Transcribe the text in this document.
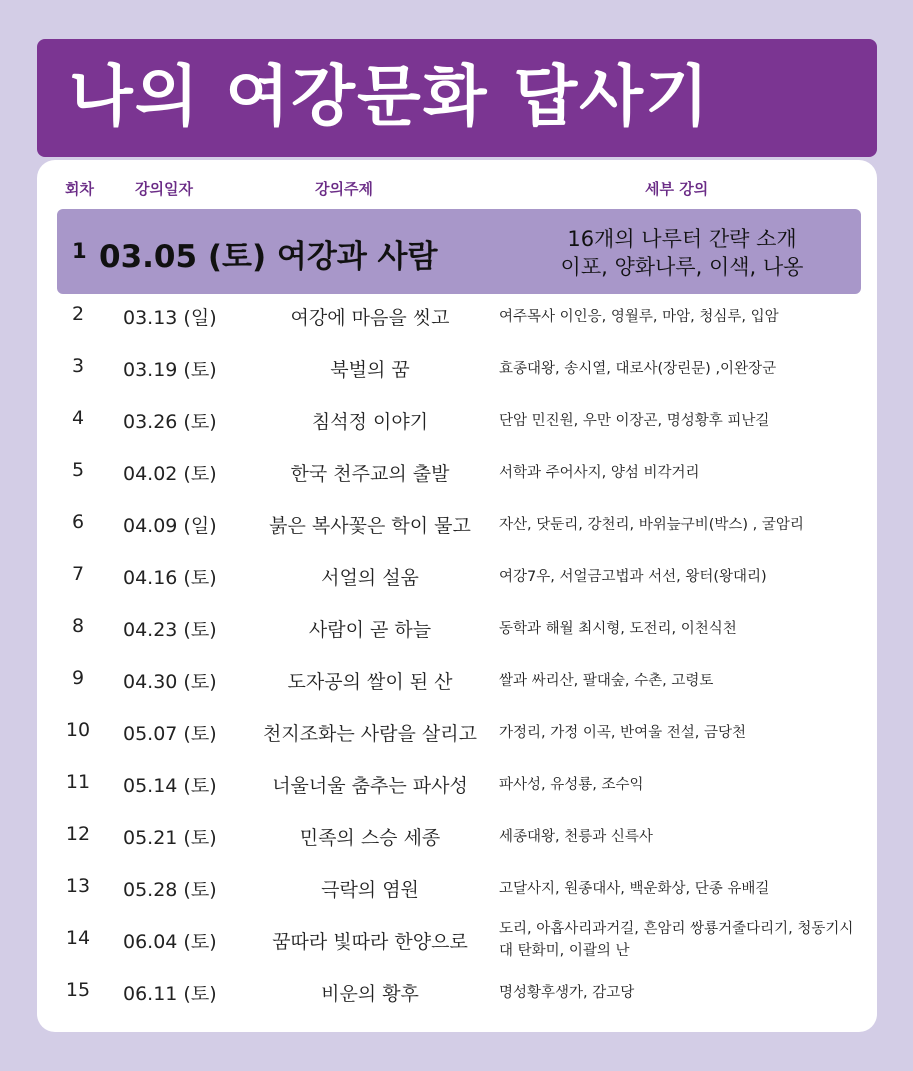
나의 여강문화 답사기
회차	강의일자	강의주제	세부 강의
1 03.05 (토) 여강과 사람	16개의 나루터 간략 소개
이포, 양화나루, 이색, 나옹
2	03.13 (일)	여강에 마음을 씻고	여주목사 이인응, 영월루, 마암, 청심루, 입암
3	03.19 (토)	북벌의 꿈	효종대왕, 송시열, 대로사(장린문) ,이완장군
4	03.26 (토)	침석정 이야기	단암 민진원, 우만 이장곤, 명성황후 피난길
5	04.02 (토)	한국 천주교의 출발	서학과 주어사지, 양섬 비각거리
6	04.09 (일)	붉은 복사꽃은 학이 물고	자산, 닷둔리, 강천리, 바위늪구비(박스) , 굴암리
7	04.16 (토)	서얼의 설움	여강7우, 서얼금고법과 서선, 왕터(왕대리)
8	04.23 (토)	사람이 곧 하늘	동학과 해월 최시형, 도전리, 이천식천
9	04.30 (토)	도자공의 쌀이 된 산	쌀과 싸리산, 팔대숲, 수촌, 고령토
10	05.07 (토)	천지조화는 사람을 살리고	가정리, 가정 이곡, 반여울 전설, 금당천
11	05.14 (토)	너울너울 춤추는 파사성	파사성, 유성룡, 조수익
12	05.21 (토)	민족의 스승 세종	세종대왕, 천릉과 신륵사
13	05.28 (토)	극락의 염원	고달사지, 원종대사, 백운화상, 단종 유배길
14	06.04 (토)	꿈따라 빛따라 한양으로
도리, 아홉사리과거길, 흔암리 쌍룡거줄다리기, 청동기시대 탄화미, 이괄의 난
15	06.11 (토)	비운의 황후	명성황후생가, 감고당
